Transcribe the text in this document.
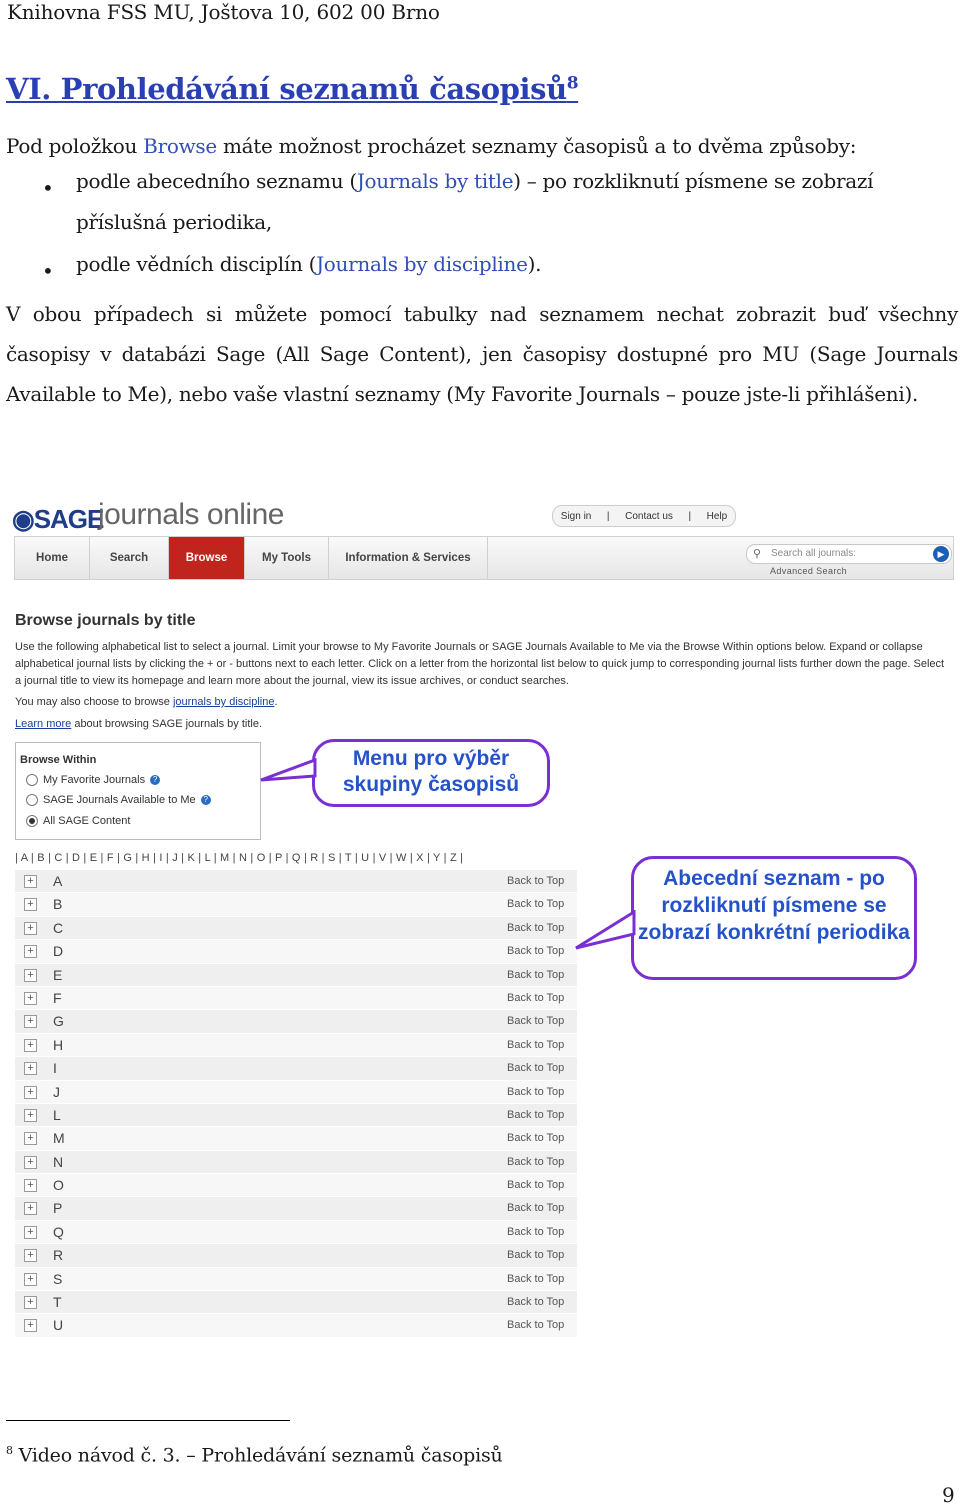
Knihovna FSS MU, Joštova 10, 602 00 Brno
VI. Prohledávání seznamů časopisů$^8$
Pod položkou Browse máte možnost procházet seznamy časopisů a to dvěma způsoby:
• podle abecedního seznamu (Journals by title) – po rozkliknutí písmene se zobrazí
příslušná periodika,
• podle vědních disciplín (Journals by discipline).
V obou případech si můžete pomocí tabulky nad seznamem nechat zobrazit buď všechny časopisy v databázi Sage (All Sage Content), jen časopisy dostupné pro MU (Sage Journals Available to Me), nebo vaše vlastní seznamy (My Favorite Journals – pouze jste-li přihlášeni).
◉SAGE
journals online	Sign in | Contact us | Help
Home	Search	Browse	My Tools	Information & Services	⚲ Search all journals:	▶
Advanced Search
Browse journals by title
Use the following alphabetical list to select a journal. Limit your browse to My Favorite Journals or SAGE Journals Available to Me via the Browse Within options below. Expand or collapse alphabetical journal lists by clicking the + or - buttons next to each letter. Click on a letter from the horizontal list below to quick jump to corresponding journal lists further down the page. Select a journal title to view its homepage and learn more about the journal, view its issue archives, or conduct searches.
You may also choose to browse journals by discipline.
Learn more about browsing SAGE journals by title.
Browse Within
My Favorite Journals ?
SAGE Journals Available to Me ?
All SAGE Content
Menu pro výběr skupiny časopisů
| A | B | C | D | E | F | G | H | I | J | K | L | M | N | O | P | Q | R | S | T | U | V | W | X | Y | Z |
+ A	Back to Top
+ B	Back to Top
+ C	Back to Top
+ D	Back to Top
+ E	Back to Top
+ F	Back to Top
+ G	Back to Top
+ H	Back to Top
+ I	Back to Top
+ J	Back to Top
+ L	Back to Top
+ M	Back to Top
+ N	Back to Top
+ O	Back to Top
+ P	Back to Top
+ Q	Back to Top
+ R	Back to Top
+ S	Back to Top
+ T	Back to Top
+ U	Back to Top
Abecední seznam - po rozkliknutí písmene se zobrazí konkrétní periodika
$^8$ Video návod č. 3. – Prohledávání seznamů časopisů
9
